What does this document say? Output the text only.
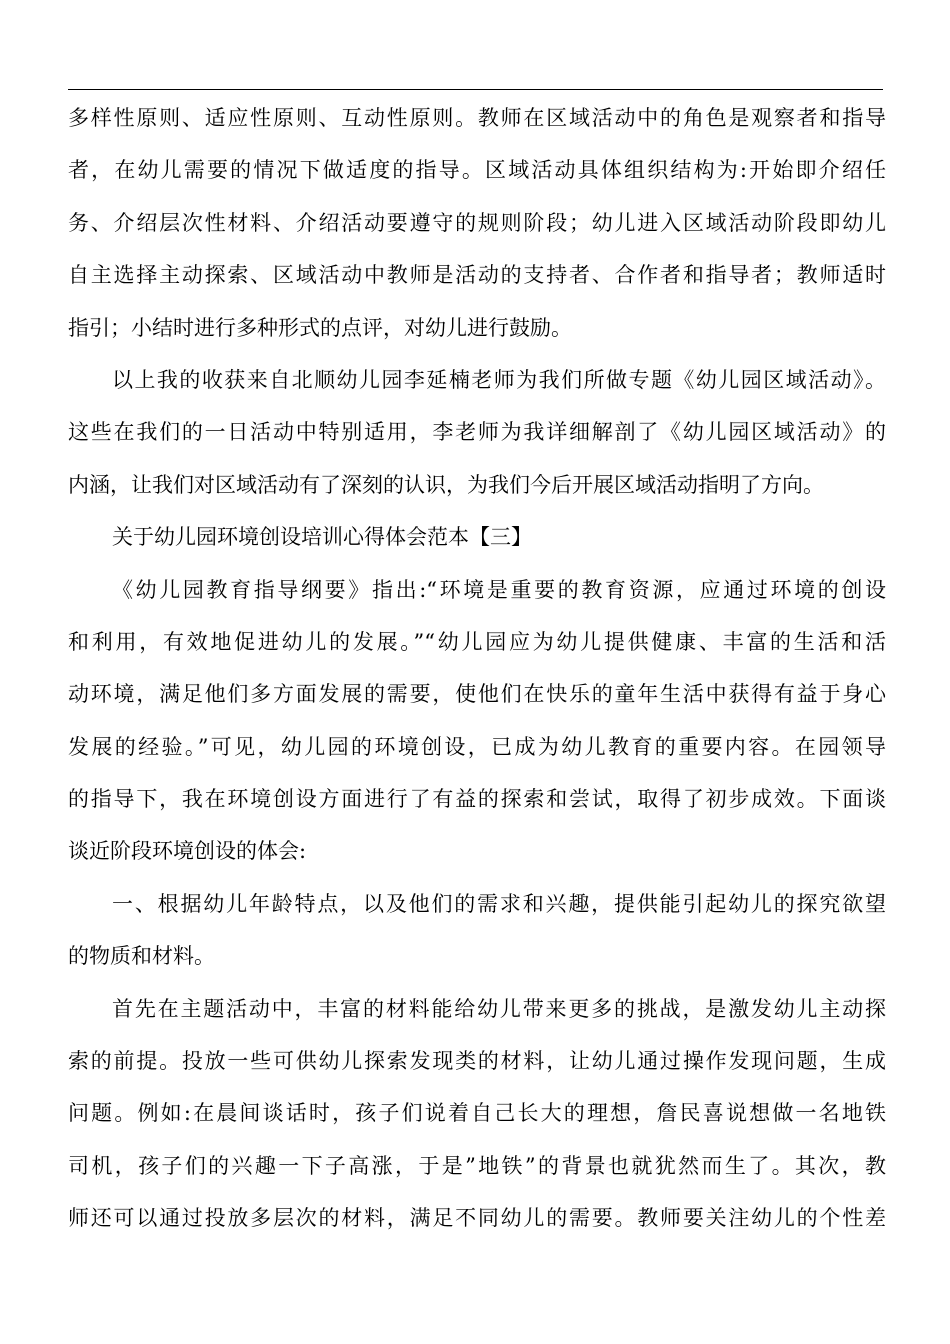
多样性原则、适应性原则、互动性原则。教师在区域活动中的角色是观察者和指导
者，在幼儿需要的情况下做适度的指导。区域活动具体组织结构为:开始即介绍任
务、介绍层次性材料、介绍活动要遵守的规则阶段；幼儿进入区域活动阶段即幼儿
自主选择主动探索、区域活动中教师是活动的支持者、合作者和指导者；教师适时
指引；小结时进行多种形式的点评，对幼儿进行鼓励。
以上我的收获来自北顺幼儿园李延楠老师为我们所做专题《幼儿园区域活动》。
这些在我们的一日活动中特别适用，李老师为我详细解剖了《幼儿园区域活动》的
内涵，让我们对区域活动有了深刻的认识，为我们今后开展区域活动指明了方向。
关于幼儿园环境创设培训心得体会范本【三】
《幼儿园教育指导纲要》指出:“环境是重要的教育资源，应通过环境的创设
和利用，有效地促进幼儿的发展。”“幼儿园应为幼儿提供健康、丰富的生活和活
动环境，满足他们多方面发展的需要，使他们在快乐的童年生活中获得有益于身心
发展的经验。”可见，幼儿园的环境创设，已成为幼儿教育的重要内容。在园领导
的指导下，我在环境创设方面进行了有益的探索和尝试，取得了初步成效。下面谈
谈近阶段环境创设的体会:
一、根据幼儿年龄特点，以及他们的需求和兴趣，提供能引起幼儿的探究欲望
的物质和材料。
首先在主题活动中，丰富的材料能给幼儿带来更多的挑战，是激发幼儿主动探
索的前提。投放一些可供幼儿探索发现类的材料，让幼儿通过操作发现问题，生成
问题。例如:在晨间谈话时，孩子们说着自己长大的理想，詹民喜说想做一名地铁
司机，孩子们的兴趣一下子高涨，于是”地铁”的背景也就犹然而生了。其次，教
师还可以通过投放多层次的材料，满足不同幼儿的需要。教师要关注幼儿的个性差
